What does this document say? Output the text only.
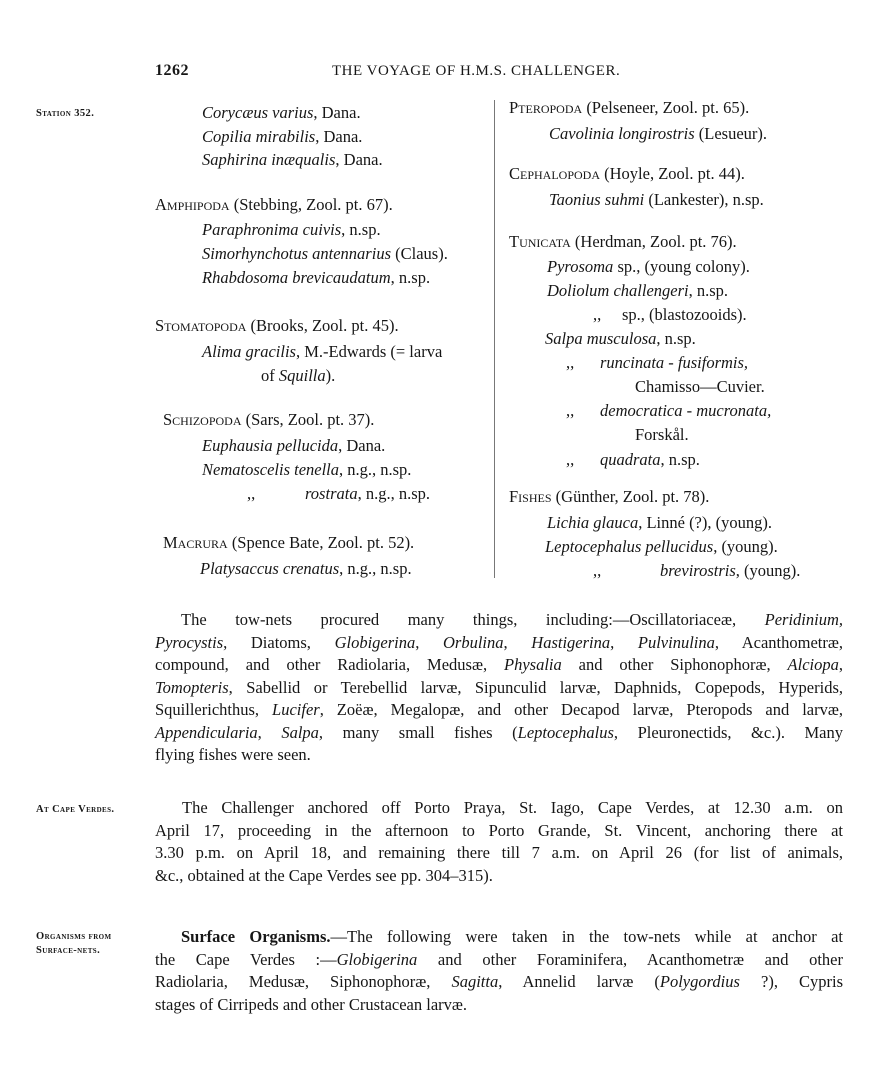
1262	THE VOYAGE OF H.M.S. CHALLENGER.
Station 352.	Corycæus varius, Dana.
Copilia mirabilis, Dana.
Saphirina inæqualis, Dana.
Amphipoda (Stebbing, Zool. pt. 67).
Paraphronima cuivis, n.sp.
Simorhynchotus antennarius (Claus).
Rhabdosoma brevicaudatum, n.sp.
Stomatopoda (Brooks, Zool. pt. 45).
Alima gracilis, M.-Edwards (= larva
of Squilla).
Schizopoda (Sars, Zool. pt. 37).
Euphausia pellucida, Dana.
Nematoscelis tenella, n.g., n.sp.
,,	rostrata, n.g., n.sp.
Macrura (Spence Bate, Zool. pt. 52).
Platysaccus crenatus, n.g., n.sp.
Pteropoda (Pelseneer, Zool. pt. 65).
Cavolinia longirostris (Lesueur).
Cephalopoda (Hoyle, Zool. pt. 44).
Taonius suhmi (Lankester), n.sp.
Tunicata (Herdman, Zool. pt. 76).
Pyrosoma sp., (young colony).
Doliolum challengeri, n.sp.
,, sp., (blastozooids).
Salpa musculosa, n.sp.
,, runcinata - fusiformis,
Chamisso—Cuvier.
,, democratica - mucronata,
Forskål.
,, quadrata, n.sp.
Fishes (Günther, Zool. pt. 78).
Lichia glauca, Linné (?), (young).
Leptocephalus pellucidus, (young).
,,	brevirostris, (young).
The tow-nets procured many things, including:—Oscillatoriaceæ, Peridinium,
Pyrocystis, Diatoms, Globigerina, Orbulina, Hastigerina, Pulvinulina, Acanthometræ,
compound, and other Radiolaria, Medusæ, Physalia and other Siphonophoræ, Alciopa,
Tomopteris, Sabellid or Terebellid larvæ, Sipunculid larvæ, Daphnids, Copepods, Hyperids,
Squillerichthus, Lucifer, Zoëæ, Megalopæ, and other Decapod larvæ, Pteropods and larvæ,
Appendicularia, Salpa, many small fishes (Leptocephalus, Pleuronectids, &c.). Many
flying fishes were seen.
At Cape Verdes.	The Challenger anchored off Porto Praya, St. Iago, Cape Verdes, at 12.30 a.m. on
April 17, proceeding in the afternoon to Porto Grande, St. Vincent, anchoring there at
3.30 p.m. on April 18, and remaining there till 7 a.m. on April 26 (for list of animals,
&c., obtained at the Cape Verdes see pp. 304–315).
Organisms from
Surface-nets.
Surface Organisms.—The following were taken in the tow-nets while at anchor at
the Cape Verdes :—Globigerina and other Foraminifera, Acanthometræ and other
Radiolaria, Medusæ, Siphonophoræ, Sagitta, Annelid larvæ (Polygordius ?), Cypris
stages of Cirripeds and other Crustacean larvæ.
